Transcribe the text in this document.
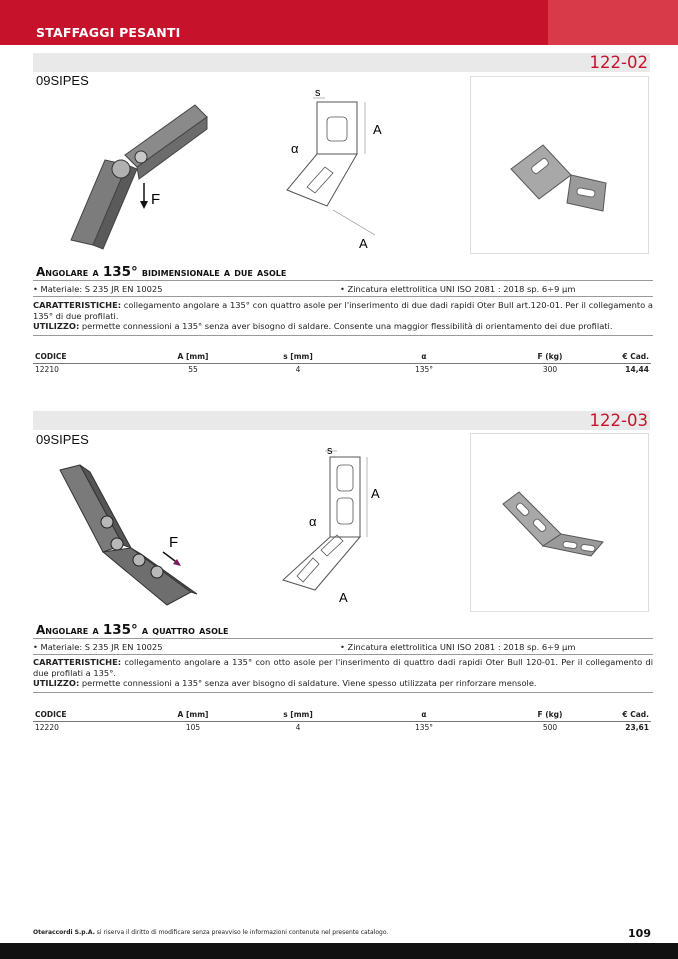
STAFFAGGI PESANTI
122-02
09SIPES
F
s
A
α
A
Angolare a 135° bidimensionale a due asole
• Materiale: S 235 JR EN 10025	• Zincatura elettrolitica UNI ISO 2081 : 2018 sp. 6÷9 µm
CARATTERISTICHE: collegamento angolare a 135° con quattro asole per l'inserimento di due dadi rapidi Oter Bull art.120-01. Per il collegamento a 135° di due profilati.
UTILIZZO: permette connessioni a 135° senza aver bisogno di saldare. Consente una maggior flessibilità di orientamento dei due profilati.
CODICE	A [mm]	s [mm]	α	F (kg)	€ Cad.
12210	55	4	135°	300	14,44
122-03
09SIPES
F
s
A
α
A
Angolare a 135° a quattro asole
• Materiale: S 235 JR EN 10025	• Zincatura elettrolitica UNI ISO 2081 : 2018 sp. 6÷9 µm
CARATTERISTICHE: collegamento angolare a 135° con otto asole per l'inserimento di quattro dadi rapidi Oter Bull 120-01. Per il collegamento di due profilati a 135°.
UTILIZZO: permette connessioni a 135° senza aver bisogno di saldature. Viene spesso utilizzata per rinforzare mensole.
CODICE	A [mm]	s [mm]	α	F (kg)	€ Cad.
12220	105	4	135°	500	23,61
Oteraccordi S.p.A. si riserva il diritto di modificare senza preavviso le informazioni contenute nel presente catalogo.	109
